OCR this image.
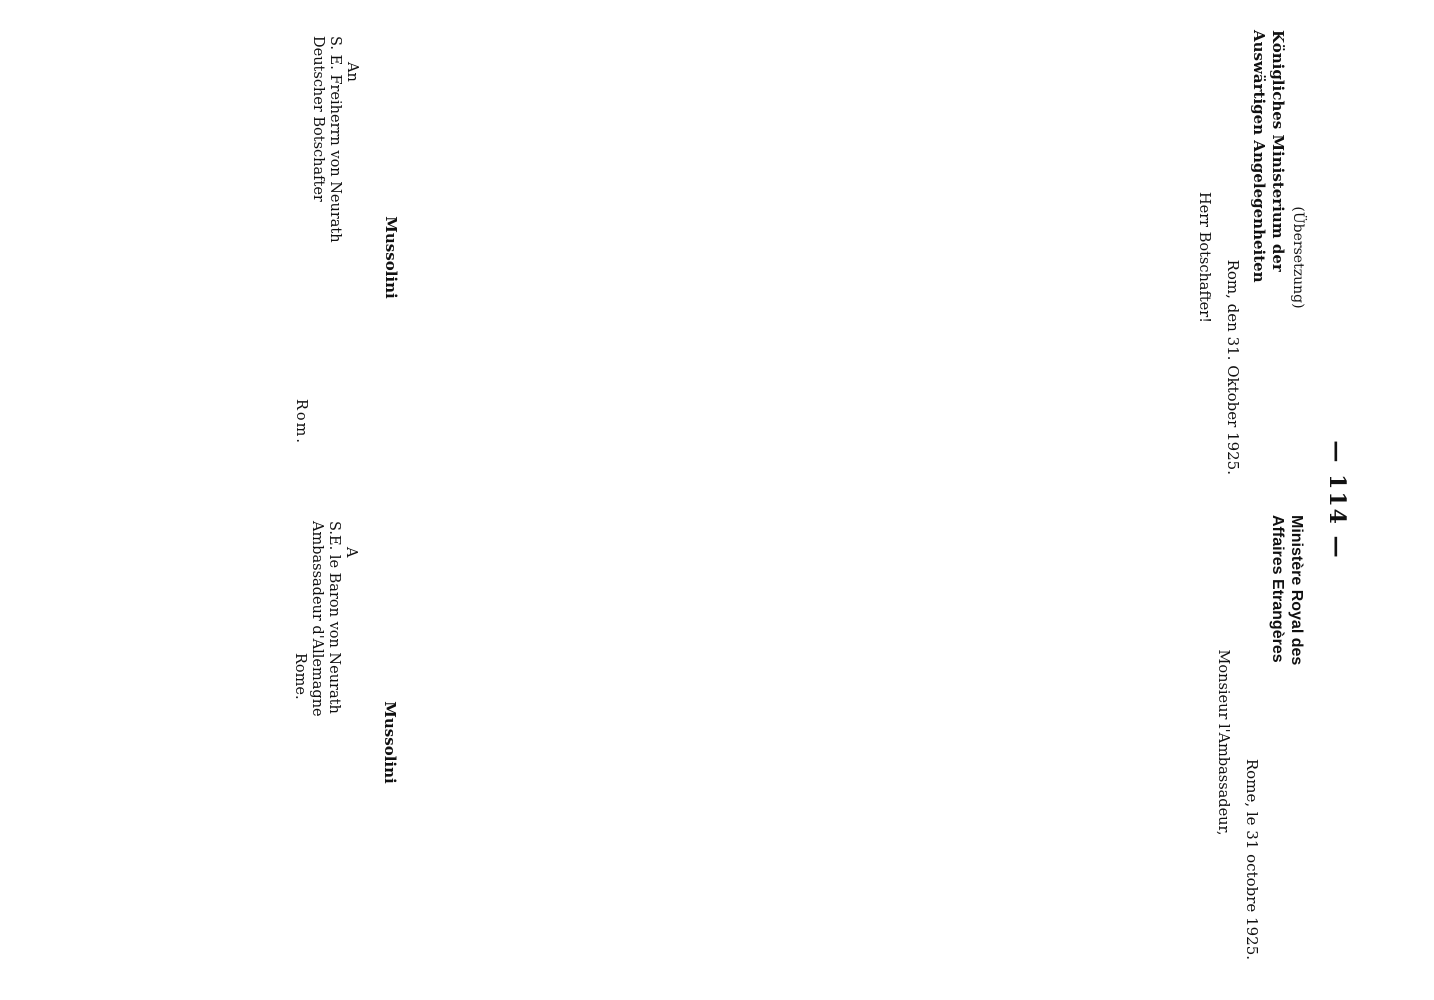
— 114 —
(Übersetzung)
Königliches Ministerium der
Auswärtigen Angelegenheiten
Rom, den 31. Oktober 1925.
Herr Botschafter!
Mussolini
An
S. E. Freiherrn von Neurath
Deutscher Botschafter
Rom.
Ministère Royal des
Affaires Etrangères
Rome, le 31 octobre 1925.
Monsieur l'Ambassadeur,
Mussolini
A
S.E. le Baron von Neurath
Ambassadeur d'Allemagne
Rome.
